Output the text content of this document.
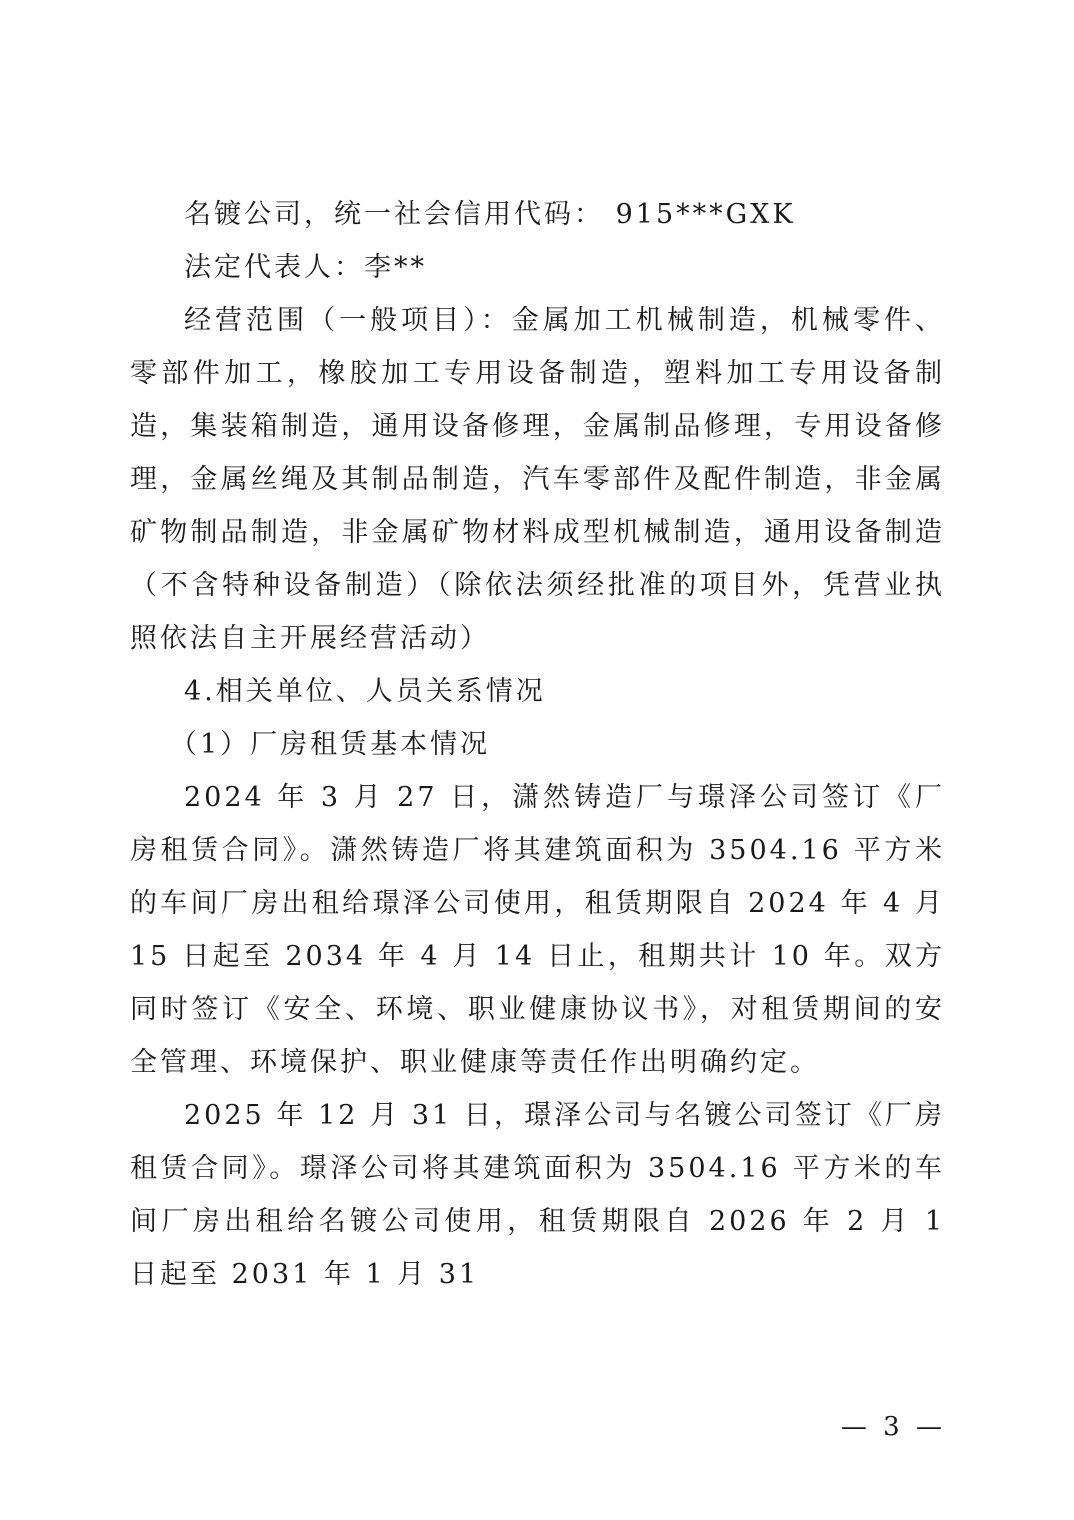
名镀公司，统一社会信用代码： 915***GXK

法定代表人：李**

经营范围（一般项目）：金属加工机械制造，机械零件、零部件加工，橡胶加工专用设备制造，塑料加工专用设备制造，集装箱制造，通用设备修理，金属制品修理，专用设备修理，金属丝绳及其制品制造，汽车零部件及配件制造，非金属矿物制品制造，非金属矿物材料成型机械制造，通用设备制造（不含特种设备制造）（除依法须经批准的项目外，凭营业执照依法自主开展经营活动）

4.相关单位、人员关系情况

（1）厂房租赁基本情况

2024 年 3 月 27 日，潇然铸造厂与璟泽公司签订《厂房租赁合同》。潇然铸造厂将其建筑面积为 3504.16 平方米的车间厂房出租给璟泽公司使用，租赁期限自 2024 年 4 月 15 日起至 2034 年 4 月 14 日止，租期共计 10 年。双方同时签订《安全、环境、职业健康协议书》，对租赁期间的安全管理、环境保护、职业健康等责任作出明确约定。

2025 年 12 月 31 日，璟泽公司与名镀公司签订《厂房租赁合同》。璟泽公司将其建筑面积为 3504.16 平方米的车间厂房出租给名镀公司使用，租赁期限自 2026 年 2 月 1 日起至 2031 年 1 月 31

— 3 —
